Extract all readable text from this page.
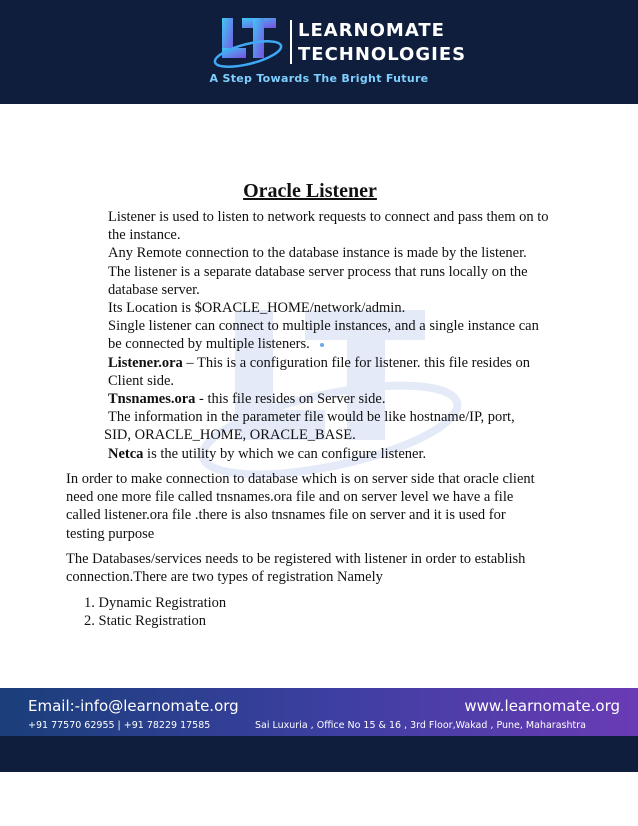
LEARNOMATE
TECHNOLOGIES
A Step Towards The Bright Future
Oracle Listener

Listener is used to listen to network requests to connect and pass them on to

the instance.

Any Remote connection to the database instance is made by the listener.

The listener is a separate database server process that runs locally on the

database server.

Its Location is $ORACLE_HOME/network/admin.

Single listener can connect to multiple instances, and a single instance can

be connected by multiple listeners.

Listener.ora – This is a configuration file for listener. this file resides on

Client side.

Tnsnames.ora - this file resides on Server side.

The information in the parameter file would be like hostname/IP, port,

SID, ORACLE_HOME, ORACLE_BASE.

Netca is the utility by which we can configure listener.

In order to make connection to database which is on server side that oracle client

need one more file called tnsnames.ora file and on server level we have a file

called listener.ora file .there is also tnsnames file on server and it is used for

testing purpose

The Databases/services needs to be registered with listener in order to establish

connection.There are two types of registration Namely

1. Dynamic Registration
2. Static Registration
Email:-info@learnomate.org	www.learnomate.org
+91 77570 62955 | +91 78229 17585	Sai Luxuria , Office No 15 & 16 , 3rd Floor,Wakad , Pune, Maharashtra
